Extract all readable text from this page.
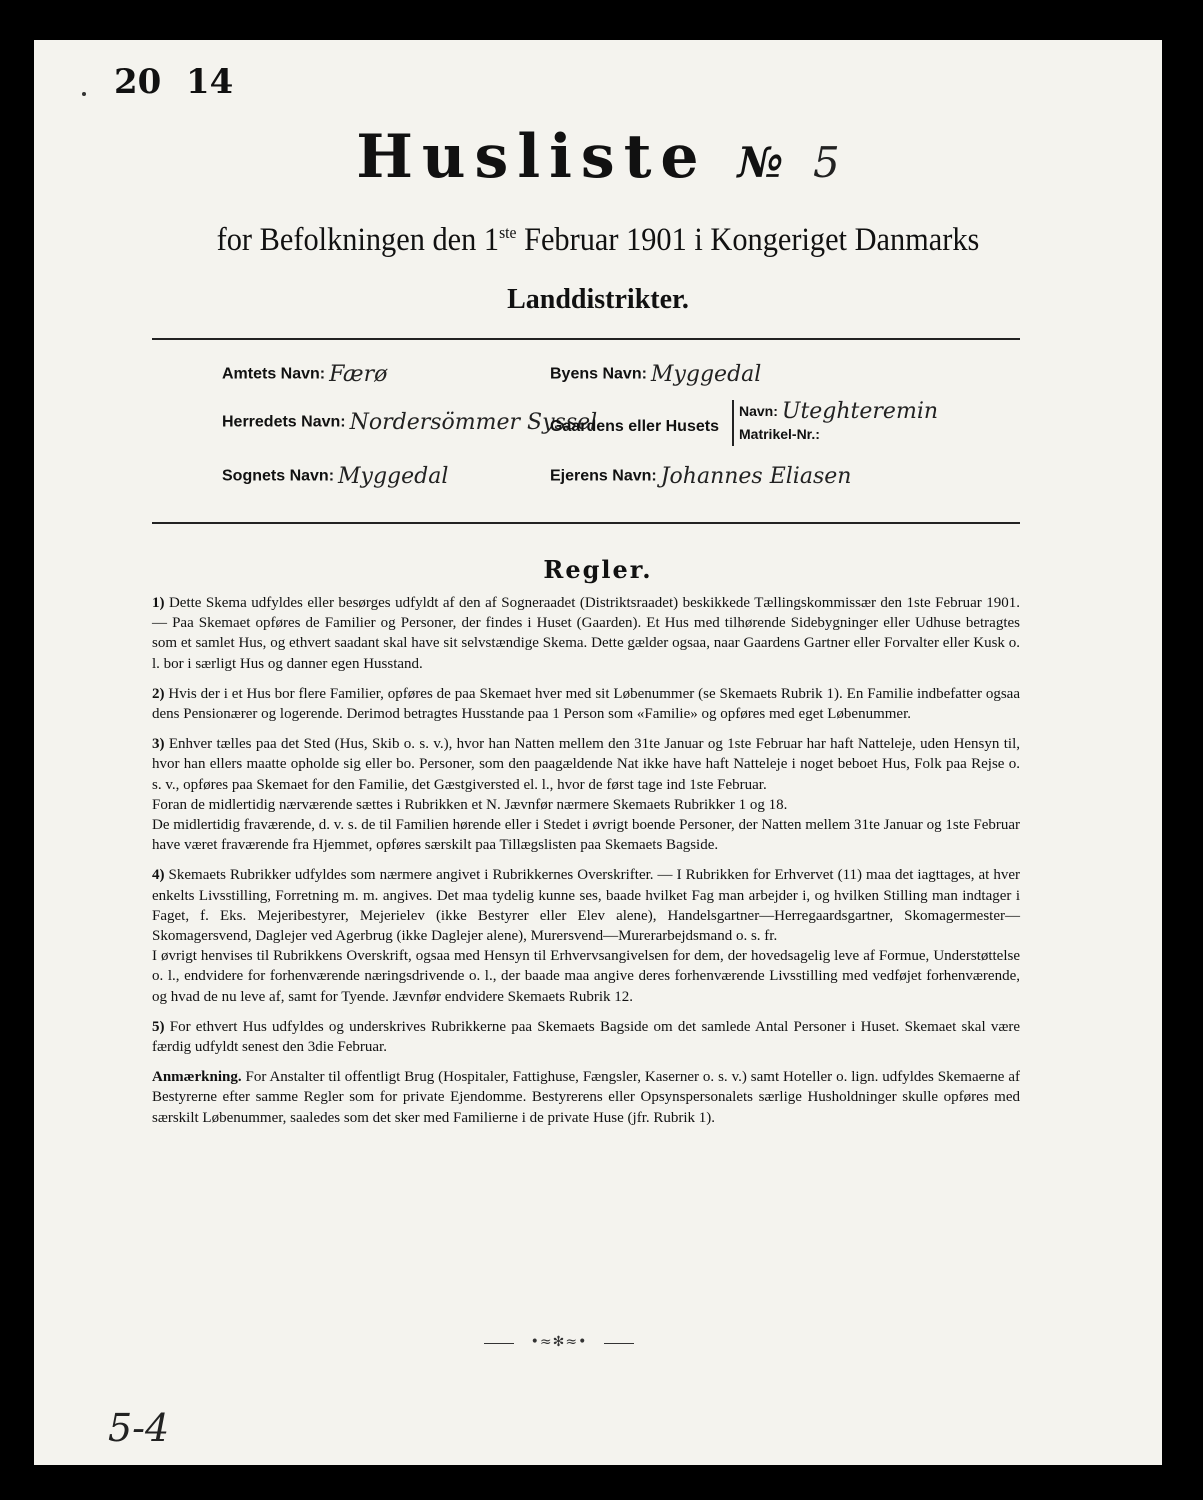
20 14
Husliste № 5
for Befolkningen den 1ste Februar 1901 i Kongeriget Danmarks
Landdistrikter.
Amtets Navn: Færø
Herredets Navn: Nordersömmer Syssel
Sognets Navn: Myggedal
Byens Navn: Myggedal
Gaardens eller Husets
Navn: Uteghteremin
Matrikel-Nr.:
Ejerens Navn: Johannes Eliasen
Regler.

1) Dette Skema udfyldes eller besørges udfyldt af den af Sogneraadet (Distriktsraadet) beskikkede Tællingskommissær den 1ste Februar 1901. — Paa Skemaet opføres de Familier og Personer, der findes i Huset (Gaarden). Et Hus med tilhørende Sidebygninger eller Udhuse betragtes som et samlet Hus, og ethvert saadant skal have sit selvstændige Skema. Dette gælder ogsaa, naar Gaardens Gartner eller Forvalter eller Kusk o. l. bor i særligt Hus og danner egen Husstand.

2) Hvis der i et Hus bor flere Familier, opføres de paa Skemaet hver med sit Løbenummer (se Skemaets Rubrik 1). En Familie indbefatter ogsaa dens Pensionærer og logerende. Derimod betragtes Husstande paa 1 Person som «Familie» og opføres med eget Løbenummer.

3) Enhver tælles paa det Sted (Hus, Skib o. s. v.), hvor han Natten mellem den 31te Januar og 1ste Februar har haft Natteleje, uden Hensyn til, hvor han ellers maatte opholde sig eller bo. Personer, som den paagældende Nat ikke have haft Natteleje i noget beboet Hus, Folk paa Rejse o. s. v., opføres paa Skemaet for den Familie, det Gæstgiversted el. l., hvor de først tage ind 1ste Februar.

Foran de midlertidig nærværende sættes i Rubrikken et N. Jævnfør nærmere Skemaets Rubrikker 1 og 18.

De midlertidig fraværende, d. v. s. de til Familien hørende eller i Stedet i øvrigt boende Personer, der Natten mellem 31te Januar og 1ste Februar have været fraværende fra Hjemmet, opføres særskilt paa Tillægslisten paa Skemaets Bagside.

4) Skemaets Rubrikker udfyldes som nærmere angivet i Rubrikkernes Overskrifter. — I Rubrikken for Erhvervet (11) maa det iagttages, at hver enkelts Livsstilling, Forretning m. m. angives. Det maa tydelig kunne ses, baade hvilket Fag man arbejder i, og hvilken Stilling man indtager i Faget, f. Eks. Mejeribestyrer, Mejerielev (ikke Bestyrer eller Elev alene), Handelsgartner—Herregaardsgartner, Skomagermester—Skomagersvend, Daglejer ved Agerbrug (ikke Daglejer alene), Murersvend—Murerarbejdsmand o. s. fr.

I øvrigt henvises til Rubrikkens Overskrift, ogsaa med Hensyn til Erhvervsangivelsen for dem, der hovedsagelig leve af Formue, Understøttelse o. l., endvidere for forhenværende næringsdrivende o. l., der baade maa angive deres forhenværende Livsstilling med vedføjet forhenværende, og hvad de nu leve af, samt for Tyende. Jævnfør endvidere Skemaets Rubrik 12.

5) For ethvert Hus udfyldes og underskrives Rubrikkerne paa Skemaets Bagside om det samlede Antal Personer i Huset. Skemaet skal være færdig udfyldt senest den 3die Februar.

Anmærkning. For Anstalter til offentligt Brug (Hospitaler, Fattighuse, Fængsler, Kaserner o. s. v.) samt Hoteller o. lign. udfyldes Skemaerne af Bestyrerne efter samme Regler som for private Ejendomme. Bestyrerens eller Opsynspersonalets særlige Husholdninger skulle opføres med særskilt Løbenummer, saaledes som det sker med Familierne i de private Huse (jfr. Rubrik 1).

•≈✻≈•
5-4
